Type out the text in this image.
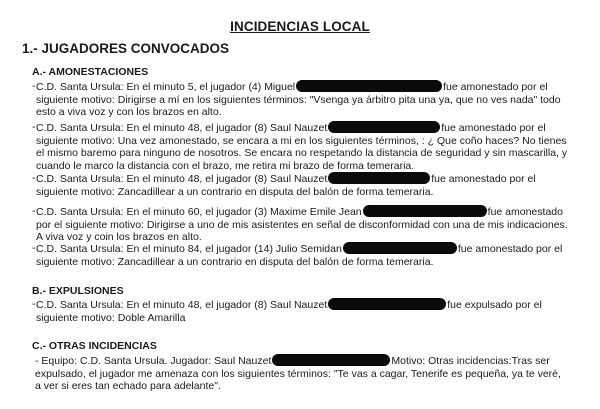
INCIDENCIAS LOCAL
1.- JUGADORES CONVOCADOS
A.- AMONESTACIONES
- C.D. Santa Ursula: En el minuto 5, el jugador (4) Miguel	fue amonestado por el

siguiente motivo: Dirigirse a mí en los siguientes términos: "Vsenga ya árbitro pita una ya, que no ves nada" todo

esto a viva voz y con los brazos en alto.

- C.D. Santa Ursula: En el minuto 48, el jugador (8) Saul Nauzet	fue amonestado por el

siguiente motivo: Una vez amonestado, se encara a mi en los siguientes términos, : ¿ Que coño haces? No tienes

el mismo baremo para ninguno de nosotros. Se encara no respetando la distancia de seguridad y sin mascarilla, y

cuando le marco la distancia con el brazo, me retira mi brazo de forma temeraria.

- C.D. Santa Ursula: En el minuto 48, el jugador (8) Saul Nauzet	fue amonestado por el

siguiente motivo: Zancadillear a un contrario en disputa del balón de forma temeraria.

- C.D. Santa Ursula: En el minuto 60, el jugador (3) Maxime Emile Jean	fue amonestado

por el siguiente motivo: Dirigirse a uno de mis asistentes en señal de disconformidad con una de mis indicaciones.

A viva voz y coin los brazos en alto.

- C.D. Santa Ursula: En el minuto 84, el jugador (14) Julio Semidan	fue amonestado por el

siguiente motivo: Zancadillear a un contrario en disputa del balón de forma temeraria.

B.- EXPULSIONES
- C.D. Santa Ursula: En el minuto 48, el jugador (8) Saul Nauzet	fue expulsado por el

siguiente motivo: Doble Amarilla

C.- OTRAS INCIDENCIAS

- Equipo: C.D. Santa Ursula. Jugador: Saul Nauzet	Motivo: Otras incidencias:Tras ser

expulsado, el jugador me amenaza con los siguientes términos: "Te vas a cagar, Tenerife es pequeña, ya te veré,

a ver si eres tan echado para adelante".
